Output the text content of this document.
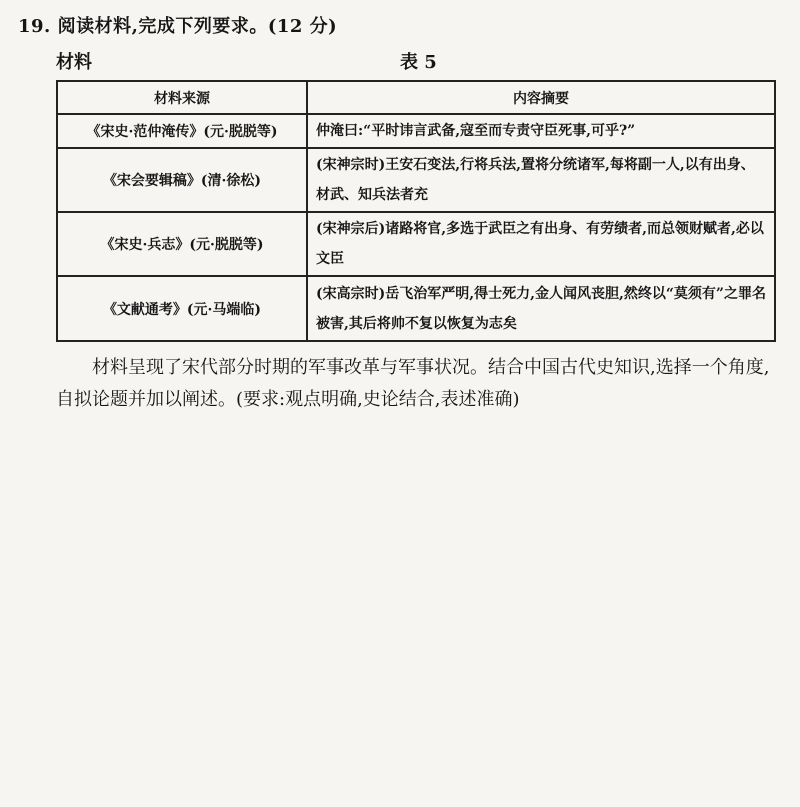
19. 阅读材料,完成下列要求。(12 分)
材料	表 5
材料来源	内容摘要
《宋史·范仲淹传》(元·脱脱等)	仲淹曰:“平时讳言武备,寇至而专责守臣死事,可乎?”
《宋会要辑稿》(清·徐松)	(宋神宗时)王安石变法,行将兵法,置将分统诸军,每将副一人,以有出身、材武、知兵法者充
《宋史·兵志》(元·脱脱等)	(宋神宗后)诸路将官,多选于武臣之有出身、有劳绩者,而总领财赋者,必以文臣
《文献通考》(元·马端临)	(宋高宗时)岳飞治军严明,得士死力,金人闻风丧胆,然终以“莫须有”之罪名被害,其后将帅不复以恢复为志矣
材料呈现了宋代部分时期的军事改革与军事状况。结合中国古代史知识,选择一个角度,自拟论题并加以阐述。(要求:观点明确,史论结合,表述准确)
